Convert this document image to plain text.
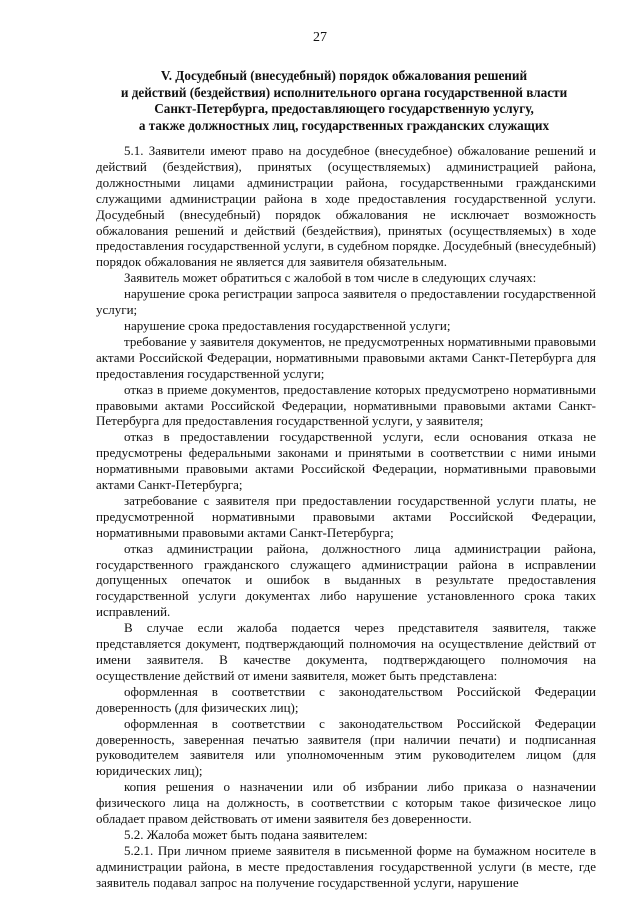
27
V. Досудебный (внесудебный) порядок обжалования решений
и действий (бездействия) исполнительного органа государственной власти
Санкт-Петербурга, предоставляющего государственную услугу,
а также должностных лиц, государственных гражданских служащих

5.1. Заявители имеют право на досудебное (внесудебное) обжалование решений и действий (бездействия), принятых (осуществляемых) администрацией района, должностными лицами администрации района, государственными гражданскими служащими администрации района в ходе предоставления государственной услуги. Досудебный (внесудебный) порядок обжалования не исключает возможность обжалования решений и действий (бездействия), принятых (осуществляемых) в ходе предоставления государственной услуги, в судебном порядке. Досудебный (внесудебный) порядок обжалования не является для заявителя обязательным.

Заявитель может обратиться с жалобой в том числе в следующих случаях:

нарушение срока регистрации запроса заявителя о предоставлении государственной услуги;

нарушение срока предоставления государственной услуги;

требование у заявителя документов, не предусмотренных нормативными правовыми актами Российской Федерации, нормативными правовыми актами Санкт-Петербурга для предоставления государственной услуги;

отказ в приеме документов, предоставление которых предусмотрено нормативными правовыми актами Российской Федерации, нормативными правовыми актами Санкт-Петербурга для предоставления государственной услуги, у заявителя;

отказ в предоставлении государственной услуги, если основания отказа не предусмотрены федеральными законами и принятыми в соответствии с ними иными нормативными правовыми актами Российской Федерации, нормативными правовыми актами Санкт-Петербурга;

затребование с заявителя при предоставлении государственной услуги платы, не предусмотренной нормативными правовыми актами Российской Федерации, нормативными правовыми актами Санкт-Петербурга;

отказ администрации района, должностного лица администрации района, государственного гражданского служащего администрации района в исправлении допущенных опечаток и ошибок в выданных в результате предоставления государственной услуги документах либо нарушение установленного срока таких исправлений.

В случае если жалоба подается через представителя заявителя, также представляется документ, подтверждающий полномочия на осуществление действий от имени заявителя. В качестве документа, подтверждающего полномочия на осуществление действий от имени заявителя, может быть представлена:

оформленная в соответствии с законодательством Российской Федерации доверенность (для физических лиц);

оформленная в соответствии с законодательством Российской Федерации доверенность, заверенная печатью заявителя (при наличии печати) и подписанная руководителем заявителя или уполномоченным этим руководителем лицом (для юридических лиц);

копия решения о назначении или об избрании либо приказа о назначении физического лица на должность, в соответствии с которым такое физическое лицо обладает правом действовать от имени заявителя без доверенности.

5.2. Жалоба может быть подана заявителем:

5.2.1. При личном приеме заявителя в письменной форме на бумажном носителе в администрации района, в месте предоставления государственной услуги (в месте, где заявитель подавал запрос на получение государственной услуги, нарушение
